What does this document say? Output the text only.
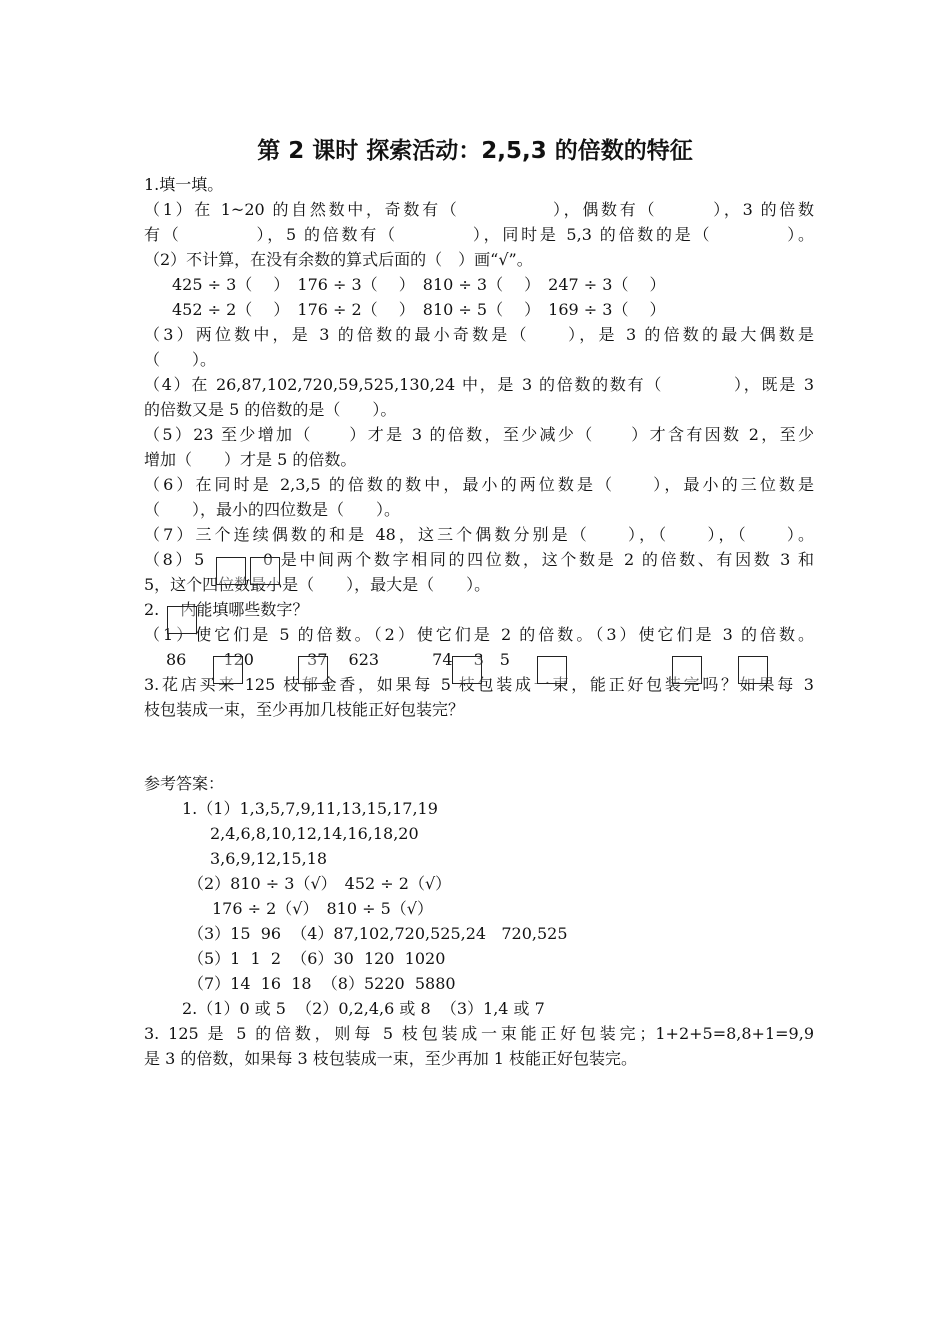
第 2 课时 探索活动：2,5,3 的倍数的特征
1.填一填。
（1）在 1~20 的自然数中，奇数有（　　　　　），偶数有（　　　），3 的倍数
有（　　　　），5 的倍数有（　　　　），同时是 5,3 的倍数的是（　　　　）。
（2）不计算，在没有余数的算式后面的（　）画“√”。
425 ÷ 3（　 ）　176 ÷ 3（　 ）　810 ÷ 3（　 ）　247 ÷ 3（　 ）
452 ÷ 2（　 ）　176 ÷ 2（　 ）　810 ÷ 5（　 ）　169 ÷ 3（　 ）
（3）两位数中，是 3 的倍数的最小奇数是（　　），是 3 的倍数的最大偶数是
（　　）。
（4）在 26,87,102,720,59,525,130,24 中，是 3 的倍数的数有（　　　　），既是 3
的倍数又是 5 的倍数的是（　　）。
（5）23 至少增加（　　）才是 3 的倍数，至少减少（　　）才含有因数 2，至少
增加（　　）才是 5 的倍数。
（6）在同时是 2,3,5 的倍数的数中，最小的两位数是（　　），最小的三位数是
（　　），最小的四位数是（　　）。
（7）三个连续偶数的和是 48，这三个偶数分别是（　　），（　　），（　　）。
（8）5　　　0 是中间两个数字相同的四位数，这个数是 2 的倍数、有因数 3 和
5，这个四位数最小是（　　），最大是（　　）。
2.　 内能填哪些数字？
（1）使它们是 5 的倍数。（2）使它们是 2 的倍数。（3）使它们是 3 的倍数。
86　　 120　　　 37　 623　　　 74　 3　5
3.花店买来 125 枝郁金香，如果每 5 枝包装成一束，能正好包装完吗？如果每 3
枝包装成一束，至少再加几枝能正好包装完？
参考答案：
1.（1）1,3,5,7,9,11,13,15,17,19
2,4,6,8,10,12,14,16,18,20
3,6,9,12,15,18
（2）810 ÷ 3（√）　452 ÷ 2（√）
176 ÷ 2（√）　810 ÷ 5（√）
（3）15  96  （4）87,102,720,525,24   720,525
（5）1  1  2  （6）30  120  1020
（7）14  16  18  （8）5220  5880
2.（1）0 或 5  （2）0,2,4,6 或 8  （3）1,4 或 7
3. 125 是 5 的倍数，则每 5 枝包装成一束能正好包装完；1+2+5=8,8+1=9,9
是 3 的倍数，如果每 3 枝包装成一束，至少再加 1 枝能正好包装完。
